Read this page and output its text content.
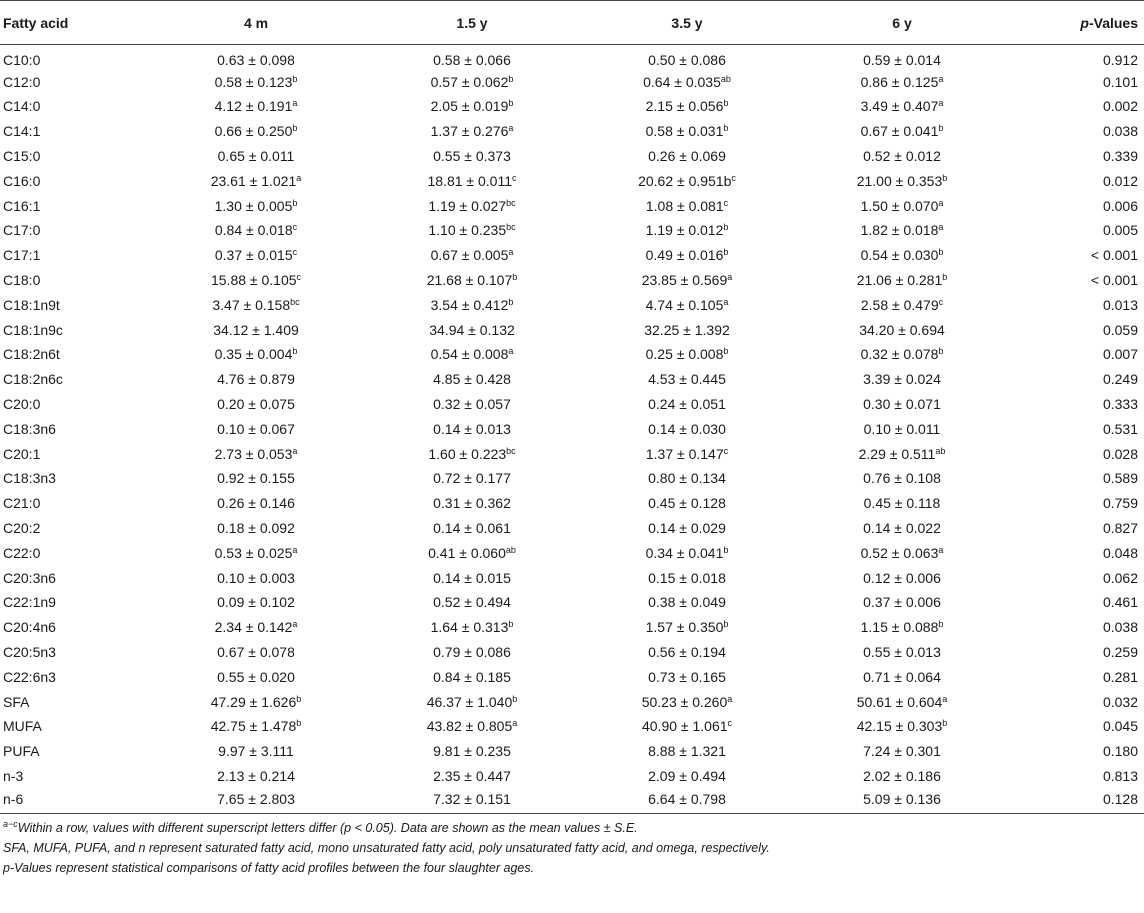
Fatty acid	4 m	1.5 y	3.5 y	6 y	p-Values
C10:0	0.63 ± 0.098	0.58 ± 0.066	0.50 ± 0.086	0.59 ± 0.014	0.912
C12:0	0.58 ± 0.123$^b$	0.57 ± 0.062$^b$	0.64 ± 0.035$^{ab}$	0.86 ± 0.125$^a$	0.101
C14:0	4.12 ± 0.191$^a$	2.05 ± 0.019$^b$	2.15 ± 0.056$^b$	3.49 ± 0.407$^a$	0.002
C14:1	0.66 ± 0.250$^b$	1.37 ± 0.276$^a$	0.58 ± 0.031$^b$	0.67 ± 0.041$^b$	0.038
C15:0	0.65 ± 0.011	0.55 ± 0.373	0.26 ± 0.069	0.52 ± 0.012	0.339
C16:0	23.61 ± 1.021$^a$	18.81 ± 0.011$^c$	$20.62 \pm 0.951b^c$	21.00 ± 0.353$^b$	0.012
C16:1	1.30 ± 0.005$^b$	1.19 ± 0.027$^{bc}$	1.08 ± 0.081$^c$	1.50 ± 0.070$^a$	0.006
C17:0	0.84 ± 0.018$^c$	1.10 ± 0.235$^{bc}$	1.19 ± 0.012$^b$	1.82 ± 0.018$^a$	0.005
C17:1	0.37 ± 0.015$^c$	0.67 ± 0.005$^a$	0.49 ± 0.016$^b$	0.54 ± 0.030$^b$	< 0.001
C18:0	15.88 ± 0.105$^c$	21.68 ± 0.107$^b$	23.85 ± 0.569$^a$	21.06 ± 0.281$^b$	< 0.001
C18:1n9t	3.47 ± 0.158$^{bc}$	3.54 ± 0.412$^b$	4.74 ± 0.105$^a$	2.58 ± 0.479$^c$	0.013
C18:1n9c	34.12 ± 1.409	34.94 ± 0.132	32.25 ± 1.392	34.20 ± 0.694	0.059
C18:2n6t	0.35 ± 0.004$^b$	0.54 ± 0.008$^a$	0.25 ± 0.008$^b$	0.32 ± 0.078$^b$	0.007
C18:2n6c	4.76 ± 0.879	4.85 ± 0.428	4.53 ± 0.445	3.39 ± 0.024	0.249
C20:0	0.20 ± 0.075	0.32 ± 0.057	0.24 ± 0.051	0.30 ± 0.071	0.333
C18:3n6	0.10 ± 0.067	0.14 ± 0.013	0.14 ± 0.030	0.10 ± 0.011	0.531
C20:1	2.73 ± 0.053$^a$	1.60 ± 0.223$^{bc}$	1.37 ± 0.147$^c$	2.29 ± 0.511$^{ab}$	0.028
C18:3n3	0.92 ± 0.155	0.72 ± 0.177	0.80 ± 0.134	0.76 ± 0.108	0.589
C21:0	0.26 ± 0.146	0.31 ± 0.362	0.45 ± 0.128	0.45 ± 0.118	0.759
C20:2	0.18 ± 0.092	0.14 ± 0.061	0.14 ± 0.029	0.14 ± 0.022	0.827
C22:0	0.53 ± 0.025$^a$	0.41 ± 0.060$^{ab}$	0.34 ± 0.041$^b$	0.52 ± 0.063$^a$	0.048
C20:3n6	0.10 ± 0.003	0.14 ± 0.015	0.15 ± 0.018	0.12 ± 0.006	0.062
C22:1n9	0.09 ± 0.102	0.52 ± 0.494	0.38 ± 0.049	0.37 ± 0.006	0.461
C20:4n6	2.34 ± 0.142$^a$	1.64 ± 0.313$^b$	1.57 ± 0.350$^b$	1.15 ± 0.088$^b$	0.038
C20:5n3	0.67 ± 0.078	0.79 ± 0.086	0.56 ± 0.194	0.55 ± 0.013	0.259
C22:6n3	0.55 ± 0.020	0.84 ± 0.185	0.73 ± 0.165	0.71 ± 0.064	0.281
SFA	47.29 ± 1.626$^b$	46.37 ± 1.040$^b$	50.23 ± 0.260$^a$	50.61 ± 0.604$^a$	0.032
MUFA	42.75 ± 1.478$^b$	43.82 ± 0.805$^a$	40.90 ± 1.061$^c$	42.15 ± 0.303$^b$	0.045
PUFA	9.97 ± 3.111	9.81 ± 0.235	8.88 ± 1.321	7.24 ± 0.301	0.180
n-3	2.13 ± 0.214	2.35 ± 0.447	2.09 ± 0.494	2.02 ± 0.186	0.813
n-6	7.65 ± 2.803	7.32 ± 0.151	6.64 ± 0.798	5.09 ± 0.136	0.128
$^{a-c}$Within a row, values with different superscript letters differ (p < 0.05). Data are shown as the mean values ± S.E.
SFA, MUFA, PUFA, and n represent saturated fatty acid, mono unsaturated fatty acid, poly unsaturated fatty acid, and omega, respectively.
p-Values represent statistical comparisons of fatty acid profiles between the four slaughter ages.
